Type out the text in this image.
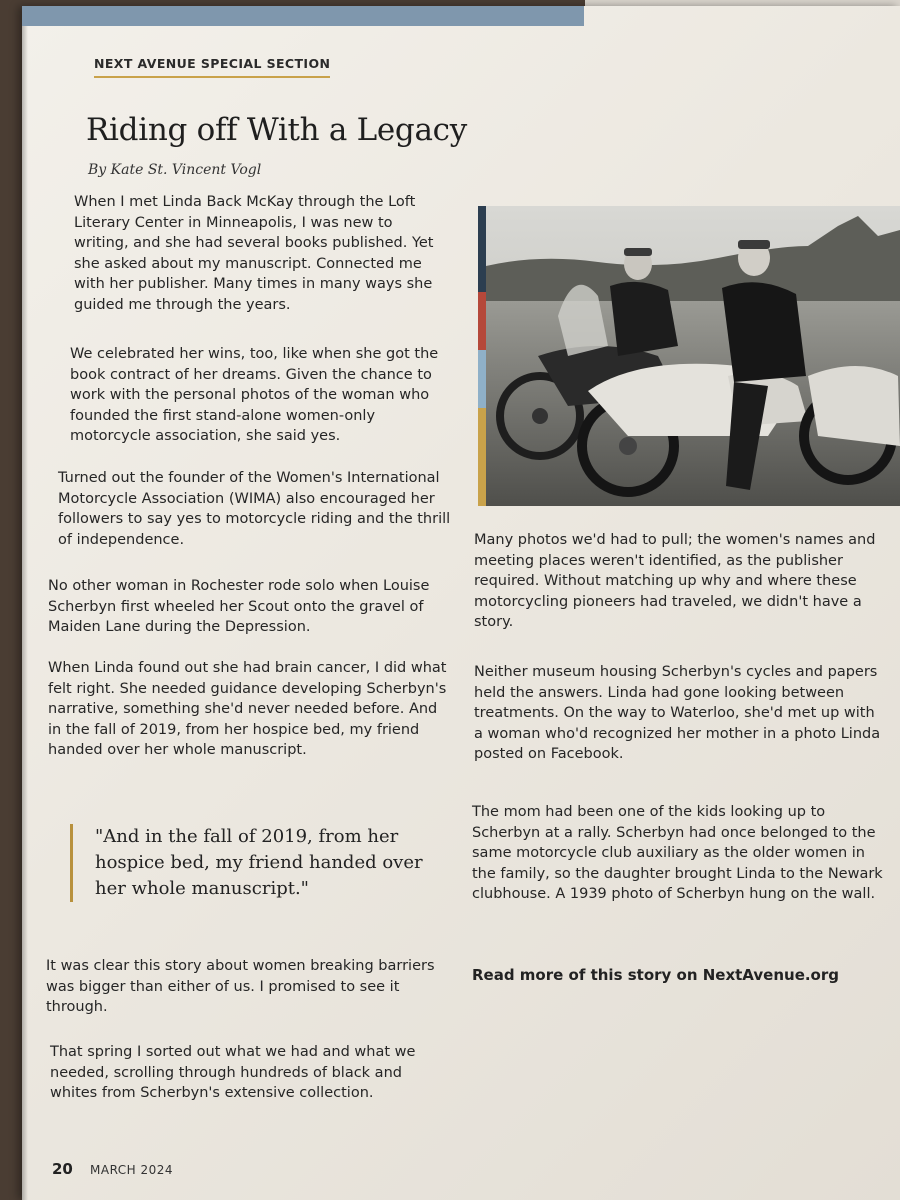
NEXT AVENUE SPECIAL SECTION
Riding off With a Legacy
By Kate St. Vincent Vogl

When I met Linda Back McKay through the Loft Literary Center in Minneapolis, I was new to writing, and she had several books published. Yet she asked about my manuscript. Connected me with her publisher. Many times in many ways she guided me through the years.

We celebrated her wins, too, like when she got the book contract of her dreams. Given the chance to work with the personal photos of the woman who founded the first stand-alone women-only motorcycle association, she said yes.

Turned out the founder of the Women's International Motorcycle Association (WIMA) also encouraged her followers to say yes to motorcycle riding and the thrill of independence.

No other woman in Rochester rode solo when Louise Scherbyn first wheeled her Scout onto the gravel of Maiden Lane during the Depression.

When Linda found out she had brain cancer, I did what felt right. She needed guidance developing Scherbyn's narrative, something she'd never needed before. And in the fall of 2019, from her hospice bed, my friend handed over her whole manuscript.

"And in the fall of 2019, from her hospice bed, my friend handed over her whole manuscript."

It was clear this story about women breaking barriers was bigger than either of us. I promised to see it through.

That spring I sorted out what we had and what we needed, scrolling through hundreds of black and whites from Scherbyn's extensive collection.

Many photos we'd had to pull; the women's names and meeting places weren't identified, as the publisher required. Without matching up why and where these motorcycling pioneers had traveled, we didn't have a story.

Neither museum housing Scherbyn's cycles and papers held the answers. Linda had gone looking between treatments. On the way to Waterloo, she'd met up with a woman who'd recognized her mother in a photo Linda posted on Facebook.

The mom had been one of the kids looking up to Scherbyn at a rally. Scherbyn had once belonged to the same motorcycle club auxiliary as the older women in the family, so the daughter brought Linda to the Newark clubhouse. A 1939 photo of Scherbyn hung on the wall.

Read more of this story on NextAvenue.org

20 MARCH 2024
